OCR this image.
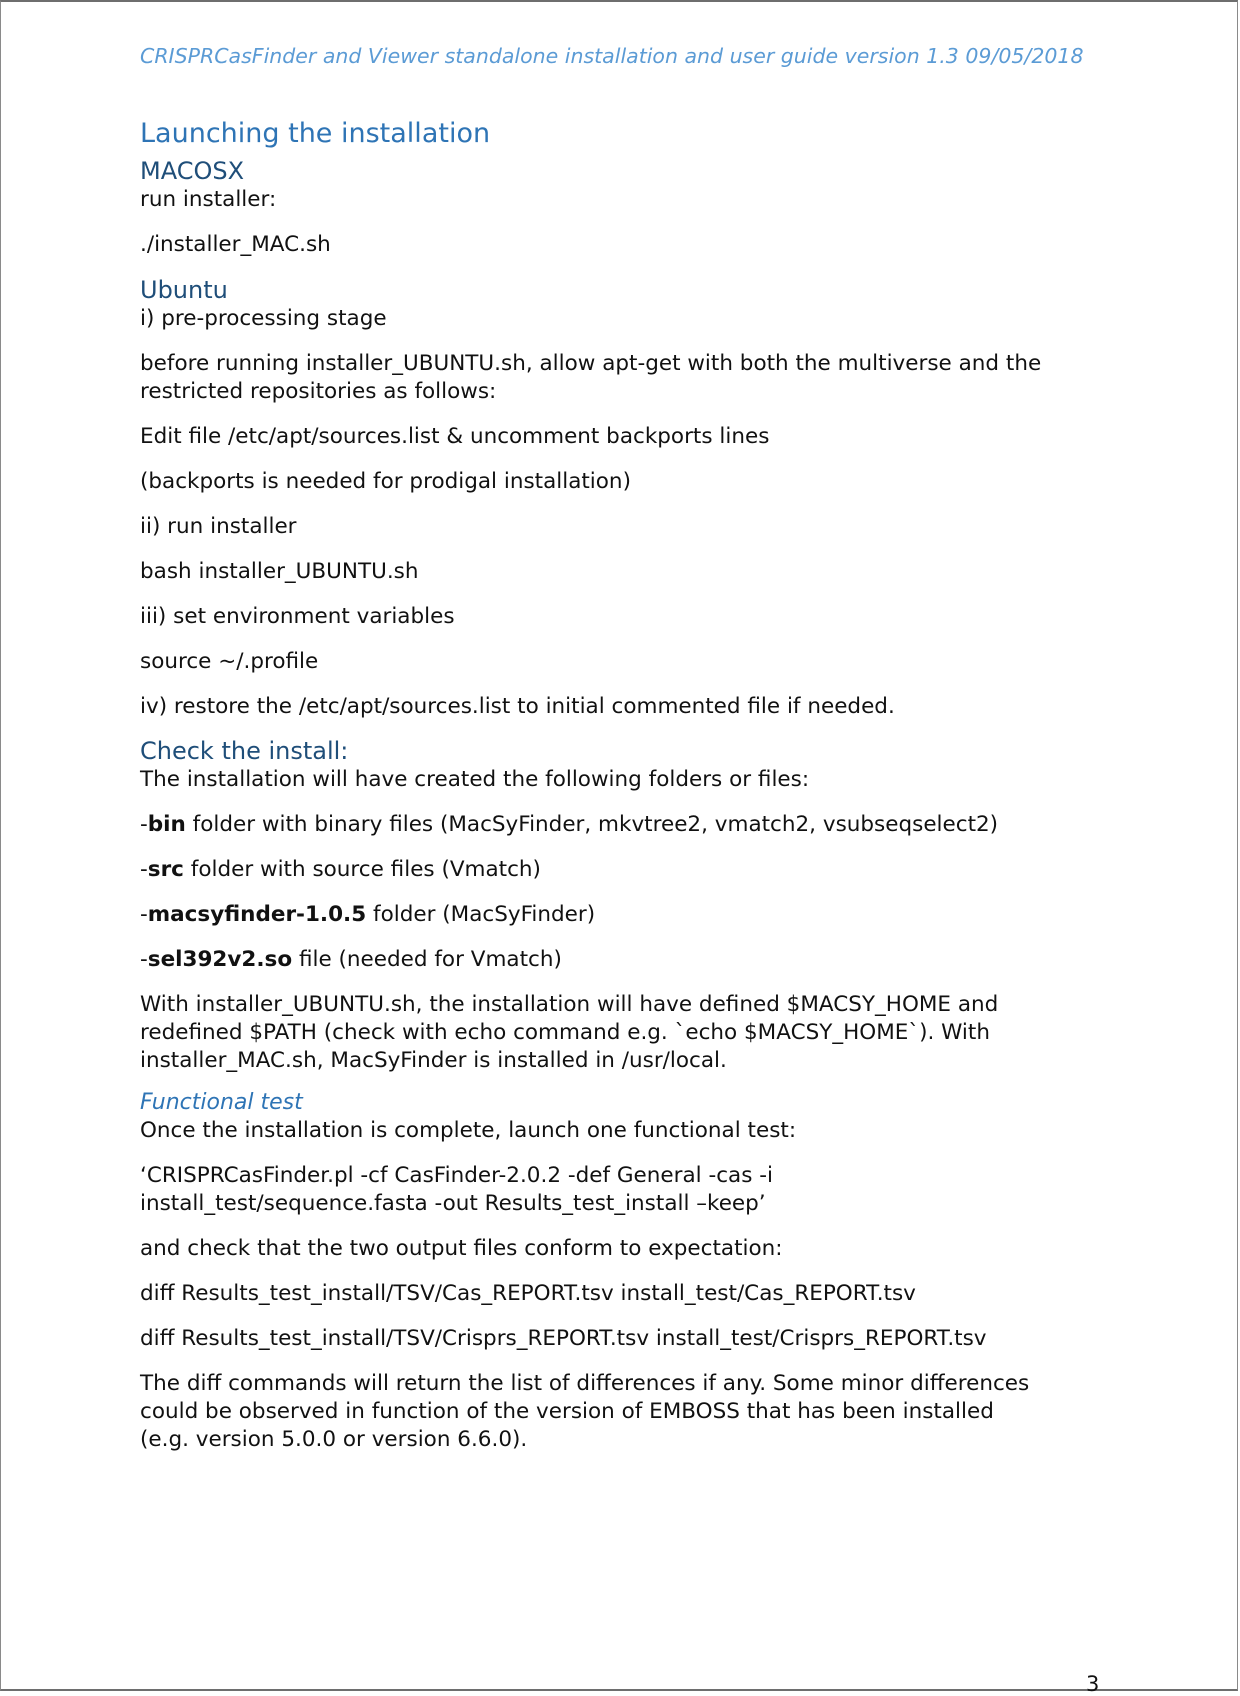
CRISPRCasFinder and Viewer standalone installation and user guide version 1.3 09/05/2018
Launching the installation
MACOSX
run installer:
./installer_MAC.sh
Ubuntu
i) pre-processing stage
before running installer_UBUNTU.sh, allow apt-get with both the multiverse and the restricted repositories as follows:
Edit file /etc/apt/sources.list & uncomment backports lines
(backports is needed for prodigal installation)
ii) run installer
bash installer_UBUNTU.sh
iii) set environment variables
source ~/.profile
iv) restore the /etc/apt/sources.list to initial commented file if needed.
Check the install:
The installation will have created the following folders or files:
-bin folder with binary files (MacSyFinder, mkvtree2, vmatch2, vsubseqselect2)
-src folder with source files (Vmatch)
-macsyfinder-1.0.5 folder (MacSyFinder)
-sel392v2.so file (needed for Vmatch)
With installer_UBUNTU.sh, the installation will have defined $MACSY_HOME and
redefined $PATH (check with echo command e.g. `echo $MACSY_HOME`). With
installer_MAC.sh, MacSyFinder is installed in /usr/local.
Functional test
Once the installation is complete, launch one functional test:
‘CRISPRCasFinder.pl -cf CasFinder-2.0.2 -def General -cas -i
install_test/sequence.fasta -out Results_test_install –keep’
and check that the two output files conform to expectation:
diff Results_test_install/TSV/Cas_REPORT.tsv install_test/Cas_REPORT.tsv
diff Results_test_install/TSV/Crisprs_REPORT.tsv install_test/Crisprs_REPORT.tsv
The diff commands will return the list of differences if any. Some minor differences
could be observed in function of the version of EMBOSS that has been installed
(e.g. version 5.0.0 or version 6.6.0).
3
